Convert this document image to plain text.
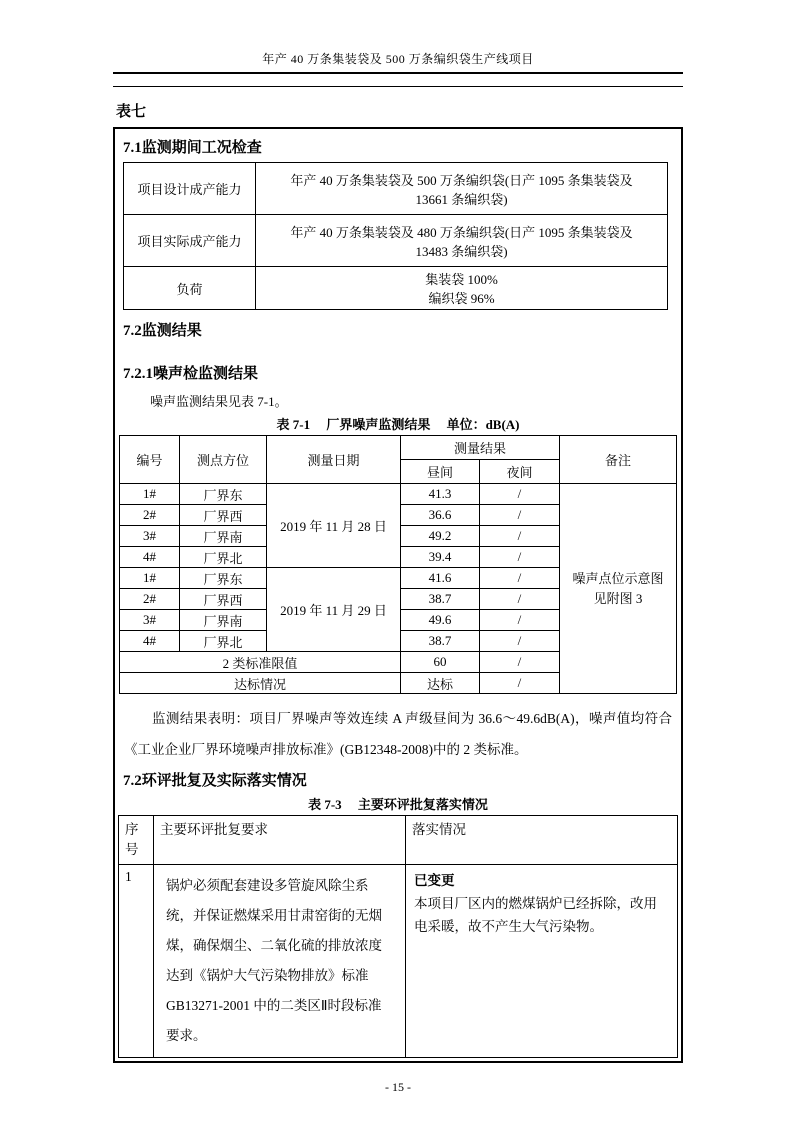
年产 40 万条集装袋及 500 万条编织袋生产线项目
表七
7.1监测期间工况检查
项目设计成产能力	年产 40 万条集装袋及 500 万条编织袋(日产 1095 条集装袋及
13661 条编织袋)

项目实际成产能力	年产 40 万条集装袋及 480 万条编织袋(日产 1095 条集装袋及
13483 条编织袋)

负荷	集装袋 100%
编织袋 96%
7.2监测结果
7.2.1噪声检监测结果
噪声监测结果见表 7-1。
表 7-1　 厂界噪声监测结果　 单位：dB(A)
编号	测点方位	测量日期	测量结果		备注
			昼间	夜间	
1#	厂界东	2019 年 11 月 28 日	41.3	/	噪声点位示意图
见附图 3

2#	厂界西		36.6	/	
3#	厂界南		49.2	/	
4#	厂界北		39.4	/	
1#	厂界东	2019 年 11 月 29 日	41.6	/	
2#	厂界西		38.7	/	
3#	厂界南		49.6	/	
4#	厂界北		38.7	/	
2 类标准限值			60	/	
达标情况			达标	/	
监测结果表明：项目厂界噪声等效连续 A 声级昼间为 36.6～49.6dB(A)，噪声值均符合《工业企业厂界环境噪声排放标准》(GB12348-2008)中的 2 类标准。
7.2环评批复及实际落实情况
表 7-3　 主要环评批复落实情况
序号	主要环评批复要求	落实情况
1	锅炉必须配套建设多管旋风除尘系统，并保证燃煤采用甘肃窑街的无烟煤，确保烟尘、二氧化硫的排放浓度达到《锅炉大气污染物排放》标准 GB13271-2001 中的二类区Ⅱ时段标准要求。	已变更
本项目厂区内的燃煤锅炉已经拆除，改用电采暖，故不产生大气污染物。
- 15 -
